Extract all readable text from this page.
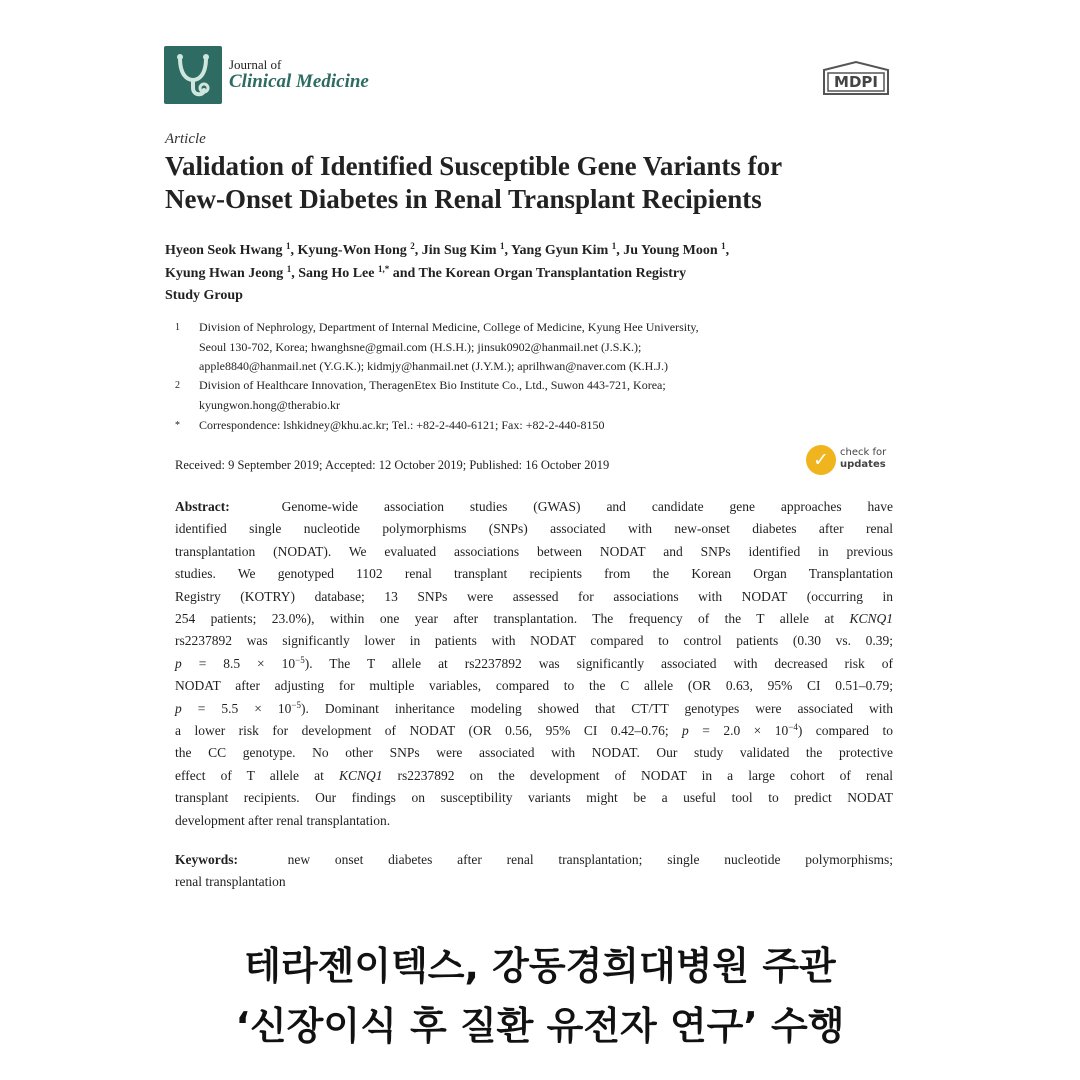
Journal of
Clinical Medicine	MDPI
Article
Validation of Identified Susceptible Gene Variants for
New-Onset Diabetes in Renal Transplant Recipients
Hyeon Seok Hwang $^1$, Kyung-Won Hong $^2$, Jin Sug Kim $^1$, Yang Gyun Kim $^1$, Ju Young Moon $^1$,
Kyung Hwan Jeong $^1$, Sang Ho Lee $^{1,*}$ and The Korean Organ Transplantation Registry
Study Group
1 Division of Nephrology, Department of Internal Medicine, College of Medicine, Kyung Hee University,
Seoul 130-702, Korea; hwanghsne@gmail.com (H.S.H.); jinsuk0902@hanmail.net (J.S.K.);
apple8840@hanmail.net (Y.G.K.); kidmjy@hanmail.net (J.Y.M.); aprilhwan@naver.com (K.H.J.)
2 Division of Healthcare Innovation, TheragenEtex Bio Institute Co., Ltd., Suwon 443-721, Korea;
kyungwon.hong@therabio.kr
* Correspondence: lshkidney@khu.ac.kr; Tel.: +82-2-440-6121; Fax: +82-2-440-8150
Received: 9 September 2019; Accepted: 12 October 2019; Published: 16 October 2019	✓	check for
updates
Abstract:	Genome-wide association studies (GWAS) and candidate gene approaches have
identified single nucleotide polymorphisms (SNPs) associated with new-onset diabetes after renal
transplantation (NODAT). We evaluated associations between NODAT and SNPs identified in previous
studies. We genotyped 1102 renal transplant recipients from the Korean Organ Transplantation
Registry (KOTRY) database; 13 SNPs were assessed for associations with NODAT (occurring in
254 patients; 23.0%), within one year after transplantation. The frequency of the T allele at KCNQ1
rs2237892 was significantly lower in patients with NODAT compared to control patients (0.30 vs. 0.39;
$p = 8.5 \times 10^{-5}$). The T allele at rs2237892 was significantly associated with decreased risk of
NODAT after adjusting for multiple variables, compared to the C allele (OR 0.63, 95% CI 0.51–0.79;
$p = 5.5 \times 10^{-5}$). Dominant inheritance modeling showed that CT/TT genotypes were associated with
a lower risk for development of NODAT (OR 0.56, 95% CI 0.42–0.76; $p = 2.0 \times 10^{-4}$) compared to
the CC genotype. No other SNPs were associated with NODAT. Our study validated the protective
effect of T allele at KCNQ1 rs2237892 on the development of NODAT in a large cohort of renal
transplant recipients. Our findings on susceptibility variants might be a useful tool to predict NODAT
development after renal transplantation.
Keywords:	new onset diabetes after renal transplantation; single nucleotide polymorphisms;
renal transplantation
테라젠이텍스, 강동경희대병원 주관
‘신장이식 후 질환 유전자 연구’ 수행
